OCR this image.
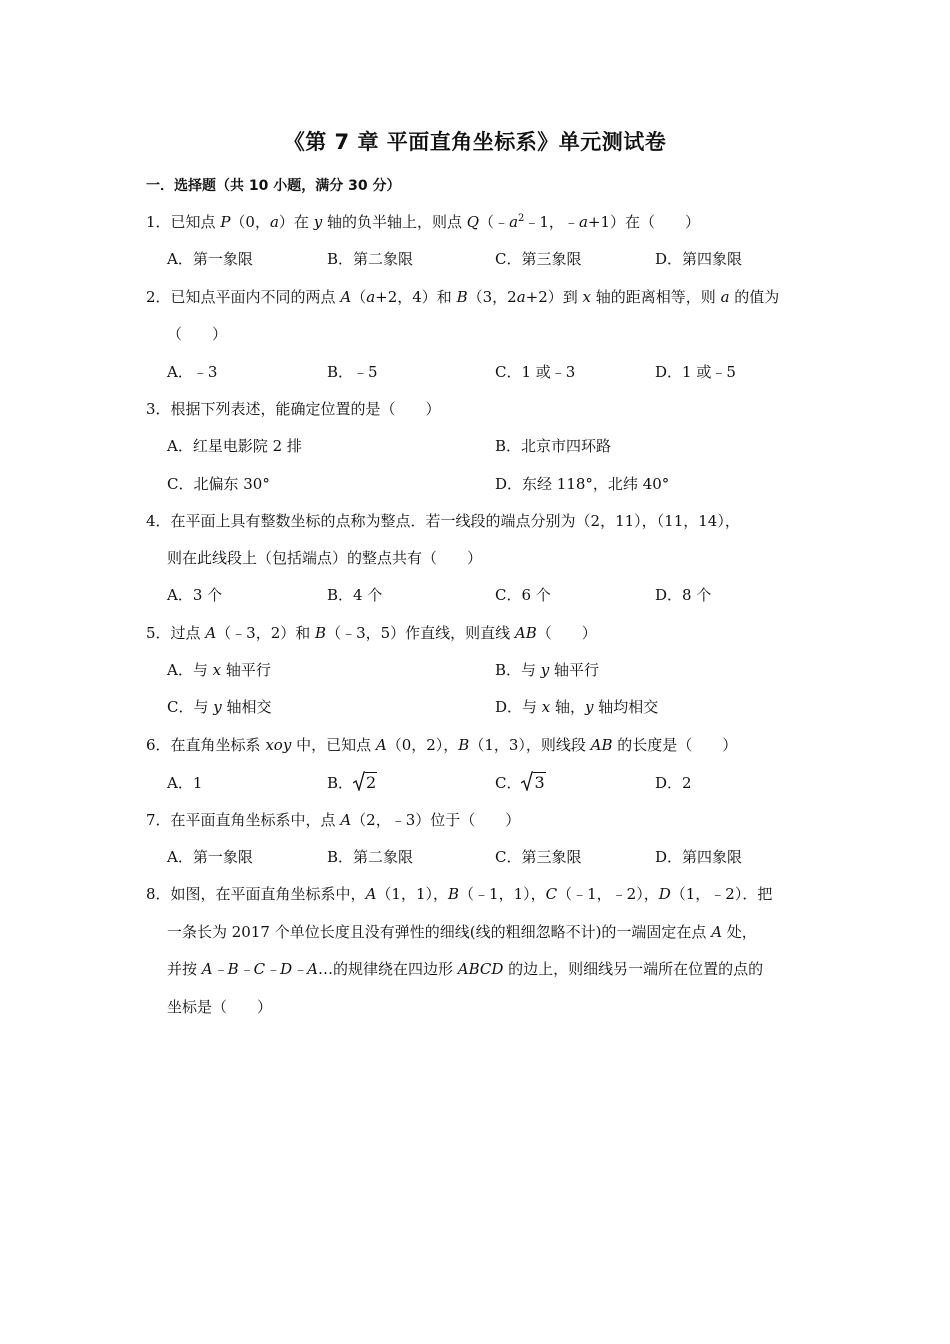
《第 7 章 平面直角坐标系》单元测试卷
一．选择题（共 10 小题，满分 30 分）
1．已知点 P（0，a）在 y 轴的负半轴上，则点 $Q(﹣a^2﹣1$，﹣a+1）在（　　）
A．第一象限	B．第二象限	C．第三象限	D．第四象限
2．已知点平面内不同的两点 A（a+2，4）和 B（3，2a+2）到 x 轴的距离相等，则 a 的值为
（　　）
A．﹣3	B．﹣5	C．1 或﹣3	D．1 或﹣5
3．根据下列表述，能确定位置的是（　　）
A．红星电影院 2 排	B．北京市四环路
C．北偏东 30°	D．东经 118°，北纬 40°
4．在平面上具有整数坐标的点称为整点．若一线段的端点分别为（2，11），（11，14），
则在此线段上（包括端点）的整点共有（　　）
A．3 个	B．4 个	C．6 个	D．8 个
5．过点 A（﹣3，2）和 B（﹣3，5）作直线，则直线 AB（　　）
A．与 x 轴平行	B．与 y 轴平行
C．与 y 轴相交	D．与 x 轴，y 轴均相交
6．在直角坐标系 xoy 中，已知点 A（0，2），B（1，3），则线段 AB 的长度是（　　）
A．1	B． 2	C． 3	D．2
7．在平面直角坐标系中，点 A（2，﹣3）位于（　　）
A．第一象限	B．第二象限	C．第三象限	D．第四象限
8．如图，在平面直角坐标系中，A（1，1），B（﹣1，1），C（﹣1，﹣2），D（1，﹣2）．把
一条长为 2017 个单位长度且没有弹性的细线(线的粗细忽略不计)的一端固定在点 A 处，
并按 A﹣B﹣C﹣D﹣A…的规律绕在四边形 ABCD 的边上，则细线另一端所在位置的点的
坐标是（　　）
